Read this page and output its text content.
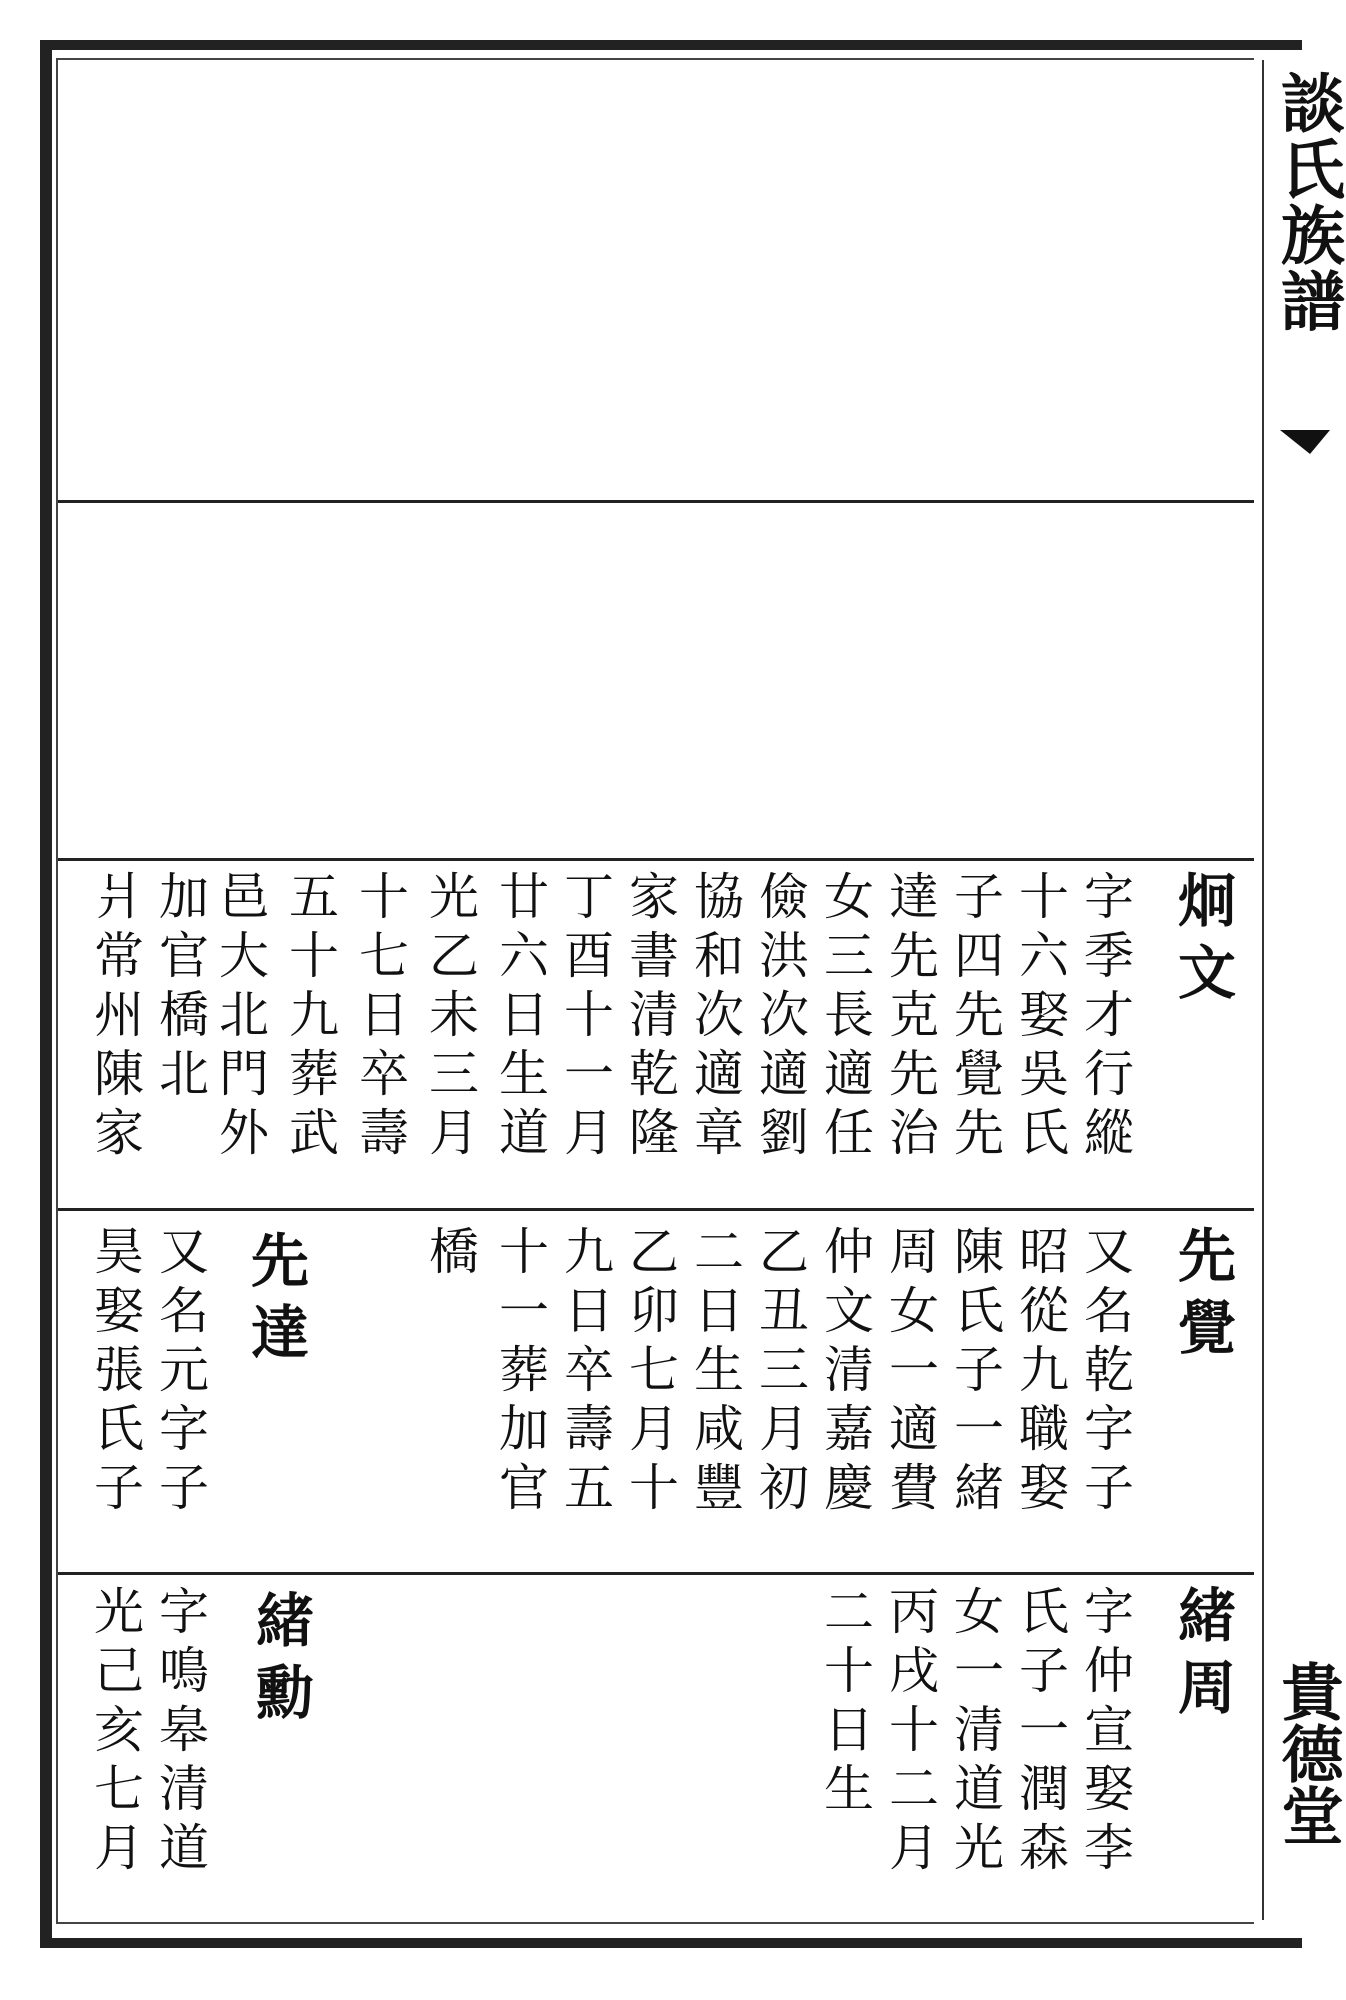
談氏族譜
貴德堂
炯文
字季才行縱
十六娶吳氏
子四先覺先
達先克先治
女三長適任
儉洪次適劉
協和次適章
家書清乾隆
丁酉十一月
廿六日生道
光乙未三月
十七日卒壽
五十九葬武
邑大北門外
加官橋北
爿常州陳家
先覺
又名乾字子
昭從九職娶
陳氏子一緒
周女一適費
仲文清嘉慶
乙丑三月初
二日生咸豐
乙卯七月十
九日卒壽五
十一葬加官
橋
先達
又名元字子
昊娶張氏子
緒周
字仲宣娶李
氏子一潤森
女一清道光
丙戌十二月
二十日生
緒勳
字鳴皋清道
光己亥七月
